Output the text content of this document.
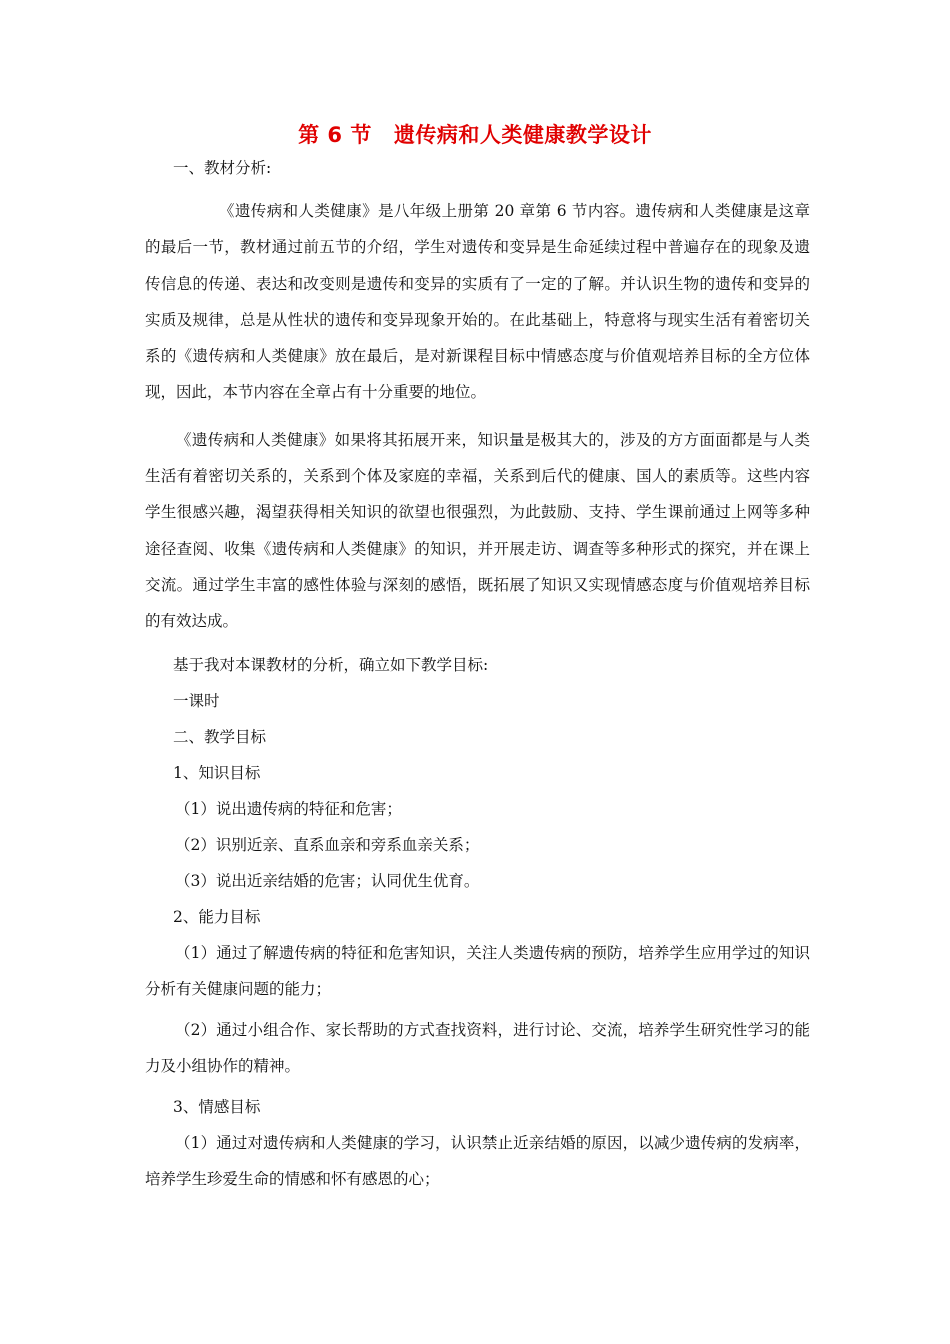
第 6 节 遗传病和人类健康教学设计
一、教材分析:

《遗传病和人类健康》是八年级上册第 20 章第 6 节内容。遗传病和人类健康是这章的最后一节，教材通过前五节的介绍，学生对遗传和变异是生命延续过程中普遍存在的现象及遗传信息的传递、表达和改变则是遗传和变异的实质有了一定的了解。并认识生物的遗传和变异的实质及规律，总是从性状的遗传和变异现象开始的。在此基础上，特意将与现实生活有着密切关系的《遗传病和人类健康》放在最后，是对新课程目标中情感态度与价值观培养目标的全方位体现，因此，本节内容在全章占有十分重要的地位。

《遗传病和人类健康》如果将其拓展开来，知识量是极其大的，涉及的方方面面都是与人类生活有着密切关系的，关系到个体及家庭的幸福，关系到后代的健康、国人的素质等。这些内容学生很感兴趣，渴望获得相关知识的欲望也很强烈，为此鼓励、支持、学生课前通过上网等多种途径查阅、收集《遗传病和人类健康》的知识，并开展走访、调查等多种形式的探究，并在课上交流。通过学生丰富的感性体验与深刻的感悟，既拓展了知识又实现情感态度与价值观培养目标的有效达成。

基于我对本课教材的分析，确立如下教学目标:
一课时
二、教学目标
1、知识目标
（1）说出遗传病的特征和危害；
（2）识别近亲、直系血亲和旁系血亲关系；
（3）说出近亲结婚的危害；认同优生优育。
2、能力目标

（1）通过了解遗传病的特征和危害知识，关注人类遗传病的预防，培养学生应用学过的知识分析有关健康问题的能力；

（2）通过小组合作、家长帮助的方式查找资料，进行讨论、交流，培养学生研究性学习的能力及小组协作的精神。

3、情感目标

（1）通过对遗传病和人类健康的学习，认识禁止近亲结婚的原因，以减少遗传病的发病率，培养学生珍爱生命的情感和怀有感恩的心；
